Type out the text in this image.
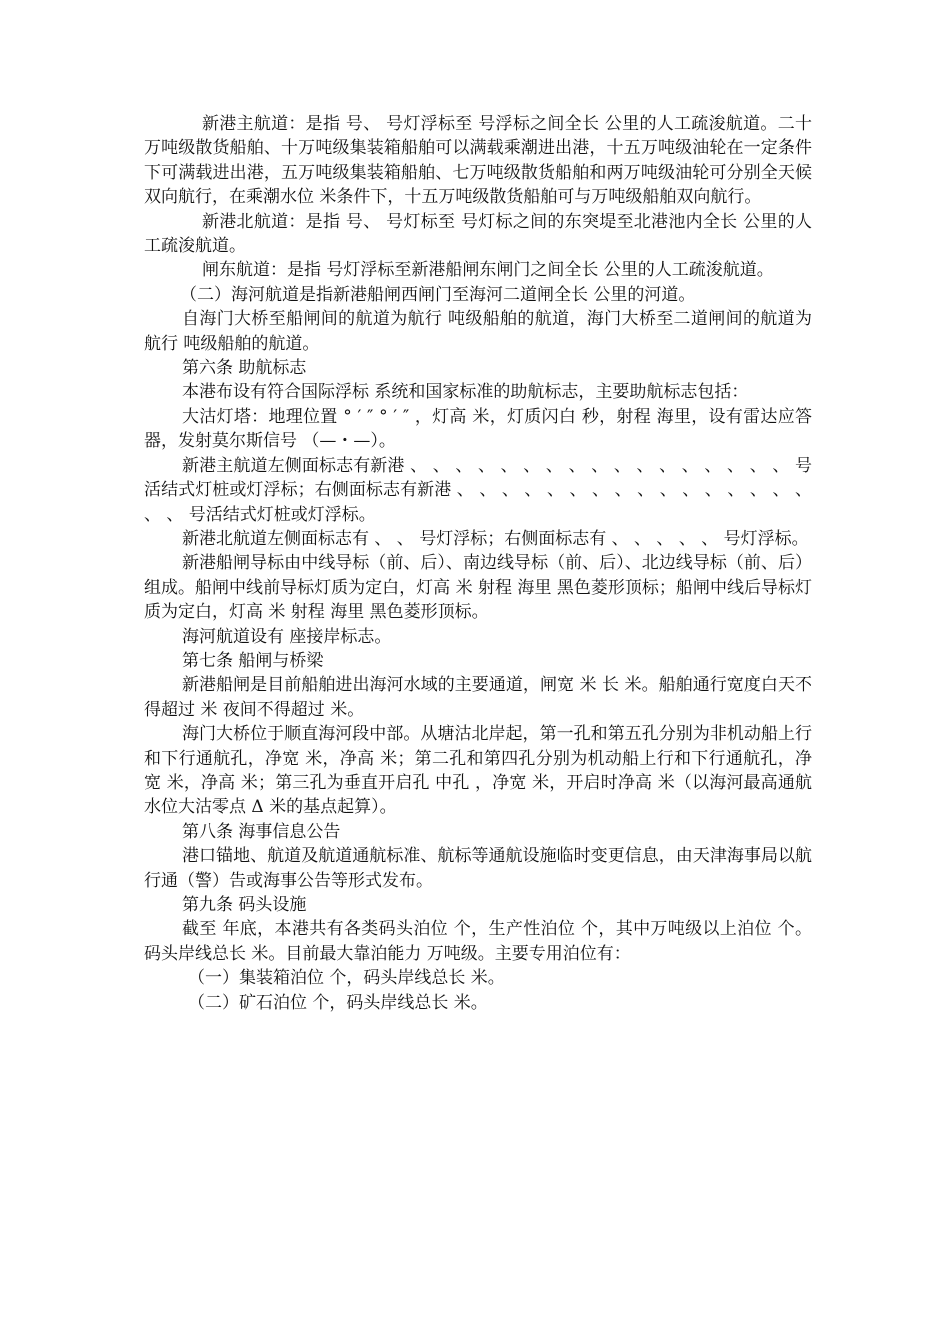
新港主航道：是指 号、 号灯浮标至 号浮标之间全长 公里的人工疏浚航道。二十万吨级散货船舶、十万吨级集装箱船舶可以满载乘潮进出港，十五万吨级油轮在一定条件下可满载进出港，五万吨级集装箱船舶、七万吨级散货船舶和两万吨级油轮可分别全天候双向航行，在乘潮水位 米条件下，十五万吨级散货船舶可与万吨级船舶双向航行。

新港北航道：是指 号、 号灯标至 号灯标之间的东突堤至北港池内全长 公里的人工疏浚航道。

闸东航道：是指 号灯浮标至新港船闸东闸门之间全长 公里的人工疏浚航道。

（二）海河航道是指新港船闸西闸门至海河二道闸全长 公里的河道。

自海门大桥至船闸间的航道为航行 吨级船舶的航道，海门大桥至二道闸间的航道为航行 吨级船舶的航道。

第六条 助航标志

本港布设有符合国际浮标 系统和国家标准的助航标志，主要助航标志包括：

大沽灯塔：地理位置 ° ′ ″ ° ′ ″ ，灯高 米，灯质闪白 秒，射程 海里，设有雷达应答器，发射莫尔斯信号 （—・—）。

新港主航道左侧面标志有新港 、 、 、 、 、 、 、 、 、 、 、 、 、 、 、 、 、 号活结式灯桩或灯浮标；右侧面标志有新港 、 、 、 、 、 、 、 、 、 、 、 、 、 、 、 、 、 、 号活结式灯桩或灯浮标。

新港北航道左侧面标志有 、 、 号灯浮标；右侧面标志有 、 、 、 、 、 号灯浮标。

新港船闸导标由中线导标（前、后）、南边线导标（前、后）、北边线导标（前、后）组成。船闸中线前导标灯质为定白，灯高 米 射程 海里 黑色菱形顶标；船闸中线后导标灯质为定白，灯高 米 射程 海里 黑色菱形顶标。

海河航道设有 座接岸标志。

第七条 船闸与桥梁

新港船闸是目前船舶进出海河水域的主要通道，闸宽 米 长 米。船舶通行宽度白天不得超过 米 夜间不得超过 米。

海门大桥位于顺直海河段中部。从塘沽北岸起，第一孔和第五孔分别为非机动船上行和下行通航孔，净宽 米，净高 米；第二孔和第四孔分别为机动船上行和下行通航孔，净宽 米，净高 米；第三孔为垂直开启孔 中孔 ，净宽 米，开启时净高 米（以海河最高通航水位大沽零点 Δ 米的基点起算）。

第八条 海事信息公告

港口锚地、航道及航道通航标准、航标等通航设施临时变更信息，由天津海事局以航行通（警）告或海事公告等形式发布。

第九条 码头设施

截至 年底，本港共有各类码头泊位 个，生产性泊位 个，其中万吨级以上泊位 个。码头岸线总长 米。目前最大靠泊能力 万吨级。主要专用泊位有：

（一）集装箱泊位 个，码头岸线总长 米。

（二）矿石泊位 个，码头岸线总长 米。
